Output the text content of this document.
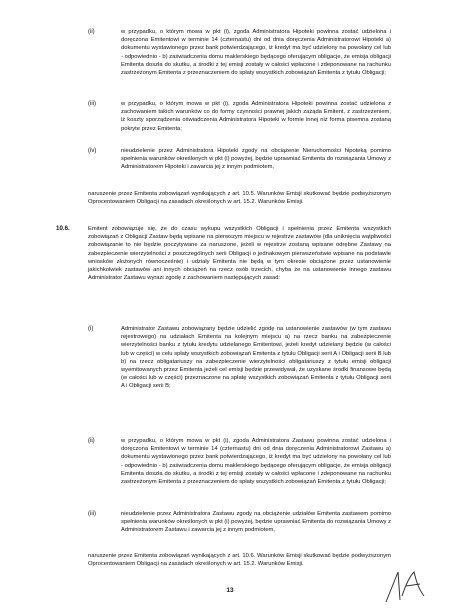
(ii)	w przypadku, o którym mowa w pkt (i), zgoda Administratora Hipoteki powinna zostać udzielona i doręczona Emitentowi w terminie 14 (czternastu) dni od dnia doręczenia Administratorowi Hipoteki a) dokumentu wystawionego przez bank potwierdzającego, iż kredyt ma być udzielony na powołany cel lub - odpowiednio - b) zaświadczenia domu maklerskiego będącego oferującym obligacje, że emisja obligacji Emitenta doszła do skutku, a środki z tej emisji zostały w całości wpłacone i zdeponowane na rachunku zastrzeżonym Emitenta z przeznaczeniem do spłaty wszystkich zobowiązań Emitenta z tytułu Obligacji;
(iii)	w przypadku, o którym mowa w pkt (i), zgoda Administratora Hipoteki powinna zostać udzielona z zachowaniem takich warunków co do formy czynności prawnej jakich zażąda Emitent, z zastrzeżeniem, iż koszty sporządzenia oświadczenia Administratora Hipoteki w formie innej niż forma pisemna zostaną pokryte przez Emitenta;
(iv)	nieudzielenie przez Administratora Hipoteki zgody na obciążenie Nieruchomości hipoteką pomimo spełnienia warunków określonych w pkt (i) powyżej, będzie uprawniać Emitenta do rozwiązania Umowy z Administratorem Hipoteki i zawarcia jej z innym podmiotem,
naruszenie przez Emitenta zobowiązań wynikających z art. 10.5. Warunków Emisji skutkować będzie podwyższonym Oprocentowaniem Obligacji na zasadach określonych w art. 15.2. Warunków Emisji.
10.6.	Emitent zobowiązuje się, że do czasu wykupu wszystkich Obligacji i spełnienia przez Emitenta wszystkich zobowiązań z Obligacji Zastaw będą wpisane na pierwszym miejscu w rejestrze zastawów (dla uniknięcia wątpliwości zobowiązanie to nie będzie poczytywane za naruszone, jeżeli w rejestrze zostaną wpisane odrębne Zastawy na zabezpieczenie wierzytelności z poszczególnych serii Obligacji o jednakowym pierwszeństwie wpisane na podstawie wniosków złożonych równocześnie) i udziały Emitenta nie będą w tym okresie obciążone przez ustanowienie jakichkolwiek zastawów ani innych obciążeń na rzecz osób trzecich, chyba że na ustanowienie innego zastawu Administrator Zastawu wyrazi zgodę z zachowaniem następujących zasad:
(i)	Administrator Zastawu zobowiązany będzie udzielić zgodę na ustanowienie zastawów (w tym zastawu rejestrowego) na udziałach Emitenta na kolejnym miejscu a) na rzecz banku na zabezpieczenie wierzytelności banku z tytułu kredytu udzielanego Emitentowi, jeżeli kredyt udzielany będzie (w całości lub w części) w celu spłaty wszystkich zobowiązań Emitenta z tytułu Obligacji serii A i Obligacji serii B lub b) na rzecz obligatariuszy na zabezpieczenie wierzytelności obligatariuszy z tytułu emisji obligacji wyemitowanych przez Emitenta jeżeli cel emisji będzie przewidywał, że uzyskane środki finansowe będą (w całości lub w części) przeznaczone na spłatę wszystkich zobowiązań Emitenta z tytułu Obligacji serii A i Obligacji serii B;
(ii)	w przypadku, o którym mowa w pkt (i), zgoda Administratora Zastawu powinna zostać udzielona i doręczona Emitentowi w terminie 14 (czternastu) dni od dnia doręczenia Administratorowi Zastawu a) dokumentu wystawionego przez bank potwierdzającego, iż kredyt ma być udzielony na powołany cel lub - odpowiednio - b) zaświadczenia domu maklerskiego będącego oferującym obligacje, że emisja obligacji Emitenta doszła do skutku, a środki z tej emisji zostały w całości wpłacone i zdeponowane na rachunku zastrzeżonym Emitenta z przeznaczeniem do spłaty wszystkich zobowiązań Emitenta z tytułu Obligacji;
(iii)	nieudzielenie przez Administratora Zastawu zgody na obciążenie udziałów Emitenta zastawem pomimo spełnienia warunków określonych w pkt (i) powyżej, będzie uprawniać Emitenta do rozwiązania Umowy z Administratorem Zastawu i zawarcia jej z innym podmiotem,
naruszenie przez Emitenta zobowiązań wynikających z art. 10.6. Warunków Emisji skutkować będzie podwyższonym Oprocentowaniem Obligacji na zasadach określonych w art. 15.2. Warunków Emisji.
13
